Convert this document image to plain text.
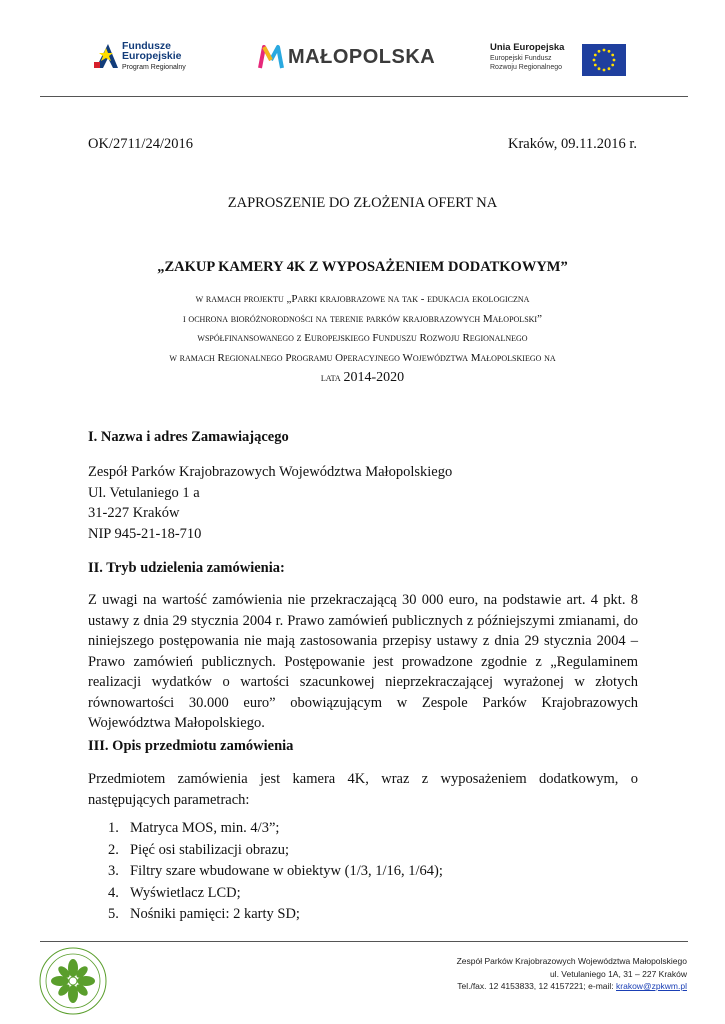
Fundusze
Europejskie
Program Regionalny	MAŁOPOLSKA	Unia Europejska
Europejski Fundusz
Rozwoju Regionalnego
OK/2711/24/2016	Kraków, 09.11.2016 r.
ZAPROSZENIE DO ZŁOŻENIA OFERT NA
„ZAKUP KAMERY 4K Z WYPOSAŻENIEM DODATKOWYM”
w ramach projektu „Parki krajobrazowe na tak - edukacja ekologiczna
i ochrona bioróżnorodności na terenie parków krajobrazowych Małopolski”
współfinansowanego z Europejskiego Funduszu Rozwoju Regionalnego
w ramach Regionalnego Programu Operacyjnego Województwa Małopolskiego na
lata 2014-2020
I. Nazwa i adres Zamawiającego
Zespół Parków Krajobrazowych Województwa Małopolskiego
Ul. Vetulaniego 1 a
31-227 Kraków
NIP 945-21-18-710
II. Tryb udzielenia zamówienia:
Z uwagi na wartość zamówienia nie przekraczającą 30 000 euro, na podstawie art. 4 pkt. 8 ustawy z dnia 29 stycznia 2004 r. Prawo zamówień publicznych z późniejszymi zmianami, do niniejszego postępowania nie mają zastosowania przepisy ustawy z dnia 29 stycznia 2004 – Prawo zamówień publicznych. Postępowanie jest prowadzone zgodnie z „Regulaminem realizacji wydatków o wartości szacunkowej nieprzekraczającej wyrażonej w złotych równowartości 30.000 euro” obowiązującym w Zespole Parków Krajobrazowych Województwa Małopolskiego.
III. Opis przedmiotu zamówienia
Przedmiotem zamówienia jest kamera 4K, wraz z wyposażeniem dodatkowym, o następujących parametrach:
1. Matryca MOS, min. 4/3”;
2. Pięć osi stabilizacji obrazu;
3. Filtry szare wbudowane w obiektyw (1/3, 1/16, 1/64);
4. Wyświetlacz LCD;
5. Nośniki pamięci: 2 karty SD;
Zespół Parków Krajobrazowych Województwa Małopolskiego
ul. Vetulaniego 1A, 31 – 227 Kraków
Tel./fax. 12 4153833, 12 4157221; e-mail: krakow@zpkwm.pl
